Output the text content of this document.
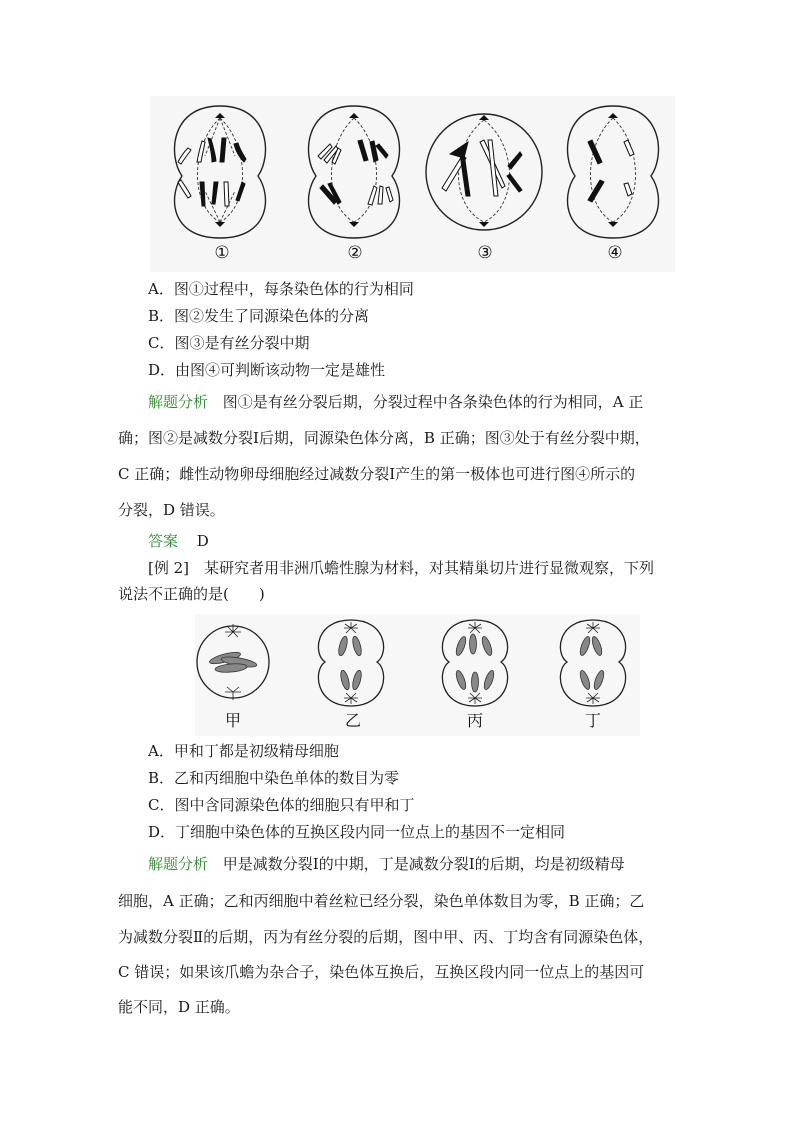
①	②	③	④
A．图①过程中，每条染色体的行为相同
B．图②发生了同源染色体的分离
C．图③是有丝分裂中期
D．由图④可判断该动物一定是雄性
解题分析 图①是有丝分裂后期，分裂过程中各条染色体的行为相同，A 正
确；图②是减数分裂Ⅰ后期，同源染色体分离，B 正确；图③处于有丝分裂中期，
C 正确；雌性动物卵母细胞经过减数分裂Ⅰ产生的第一极体也可进行图④所示的
分裂，D 错误。
答案 D
[例 2]　某研究者用非洲爪蟾性腺为材料，对其精巢切片进行显微观察，下列
说法不正确的是(　　)
甲	乙	丙	丁
A．甲和丁都是初级精母细胞
B．乙和丙细胞中染色单体的数目为零
C．图中含同源染色体的细胞只有甲和丁
D．丁细胞中染色体的互换区段内同一位点上的基因不一定相同
解题分析 甲是减数分裂Ⅰ的中期，丁是减数分裂Ⅰ的后期，均是初级精母
细胞，A 正确；乙和丙细胞中着丝粒已经分裂，染色单体数目为零，B 正确；乙
为减数分裂Ⅱ的后期，丙为有丝分裂的后期，图中甲、丙、丁均含有同源染色体，
C 错误；如果该爪蟾为杂合子，染色体互换后，互换区段内同一位点上的基因可
能不同，D 正确。
